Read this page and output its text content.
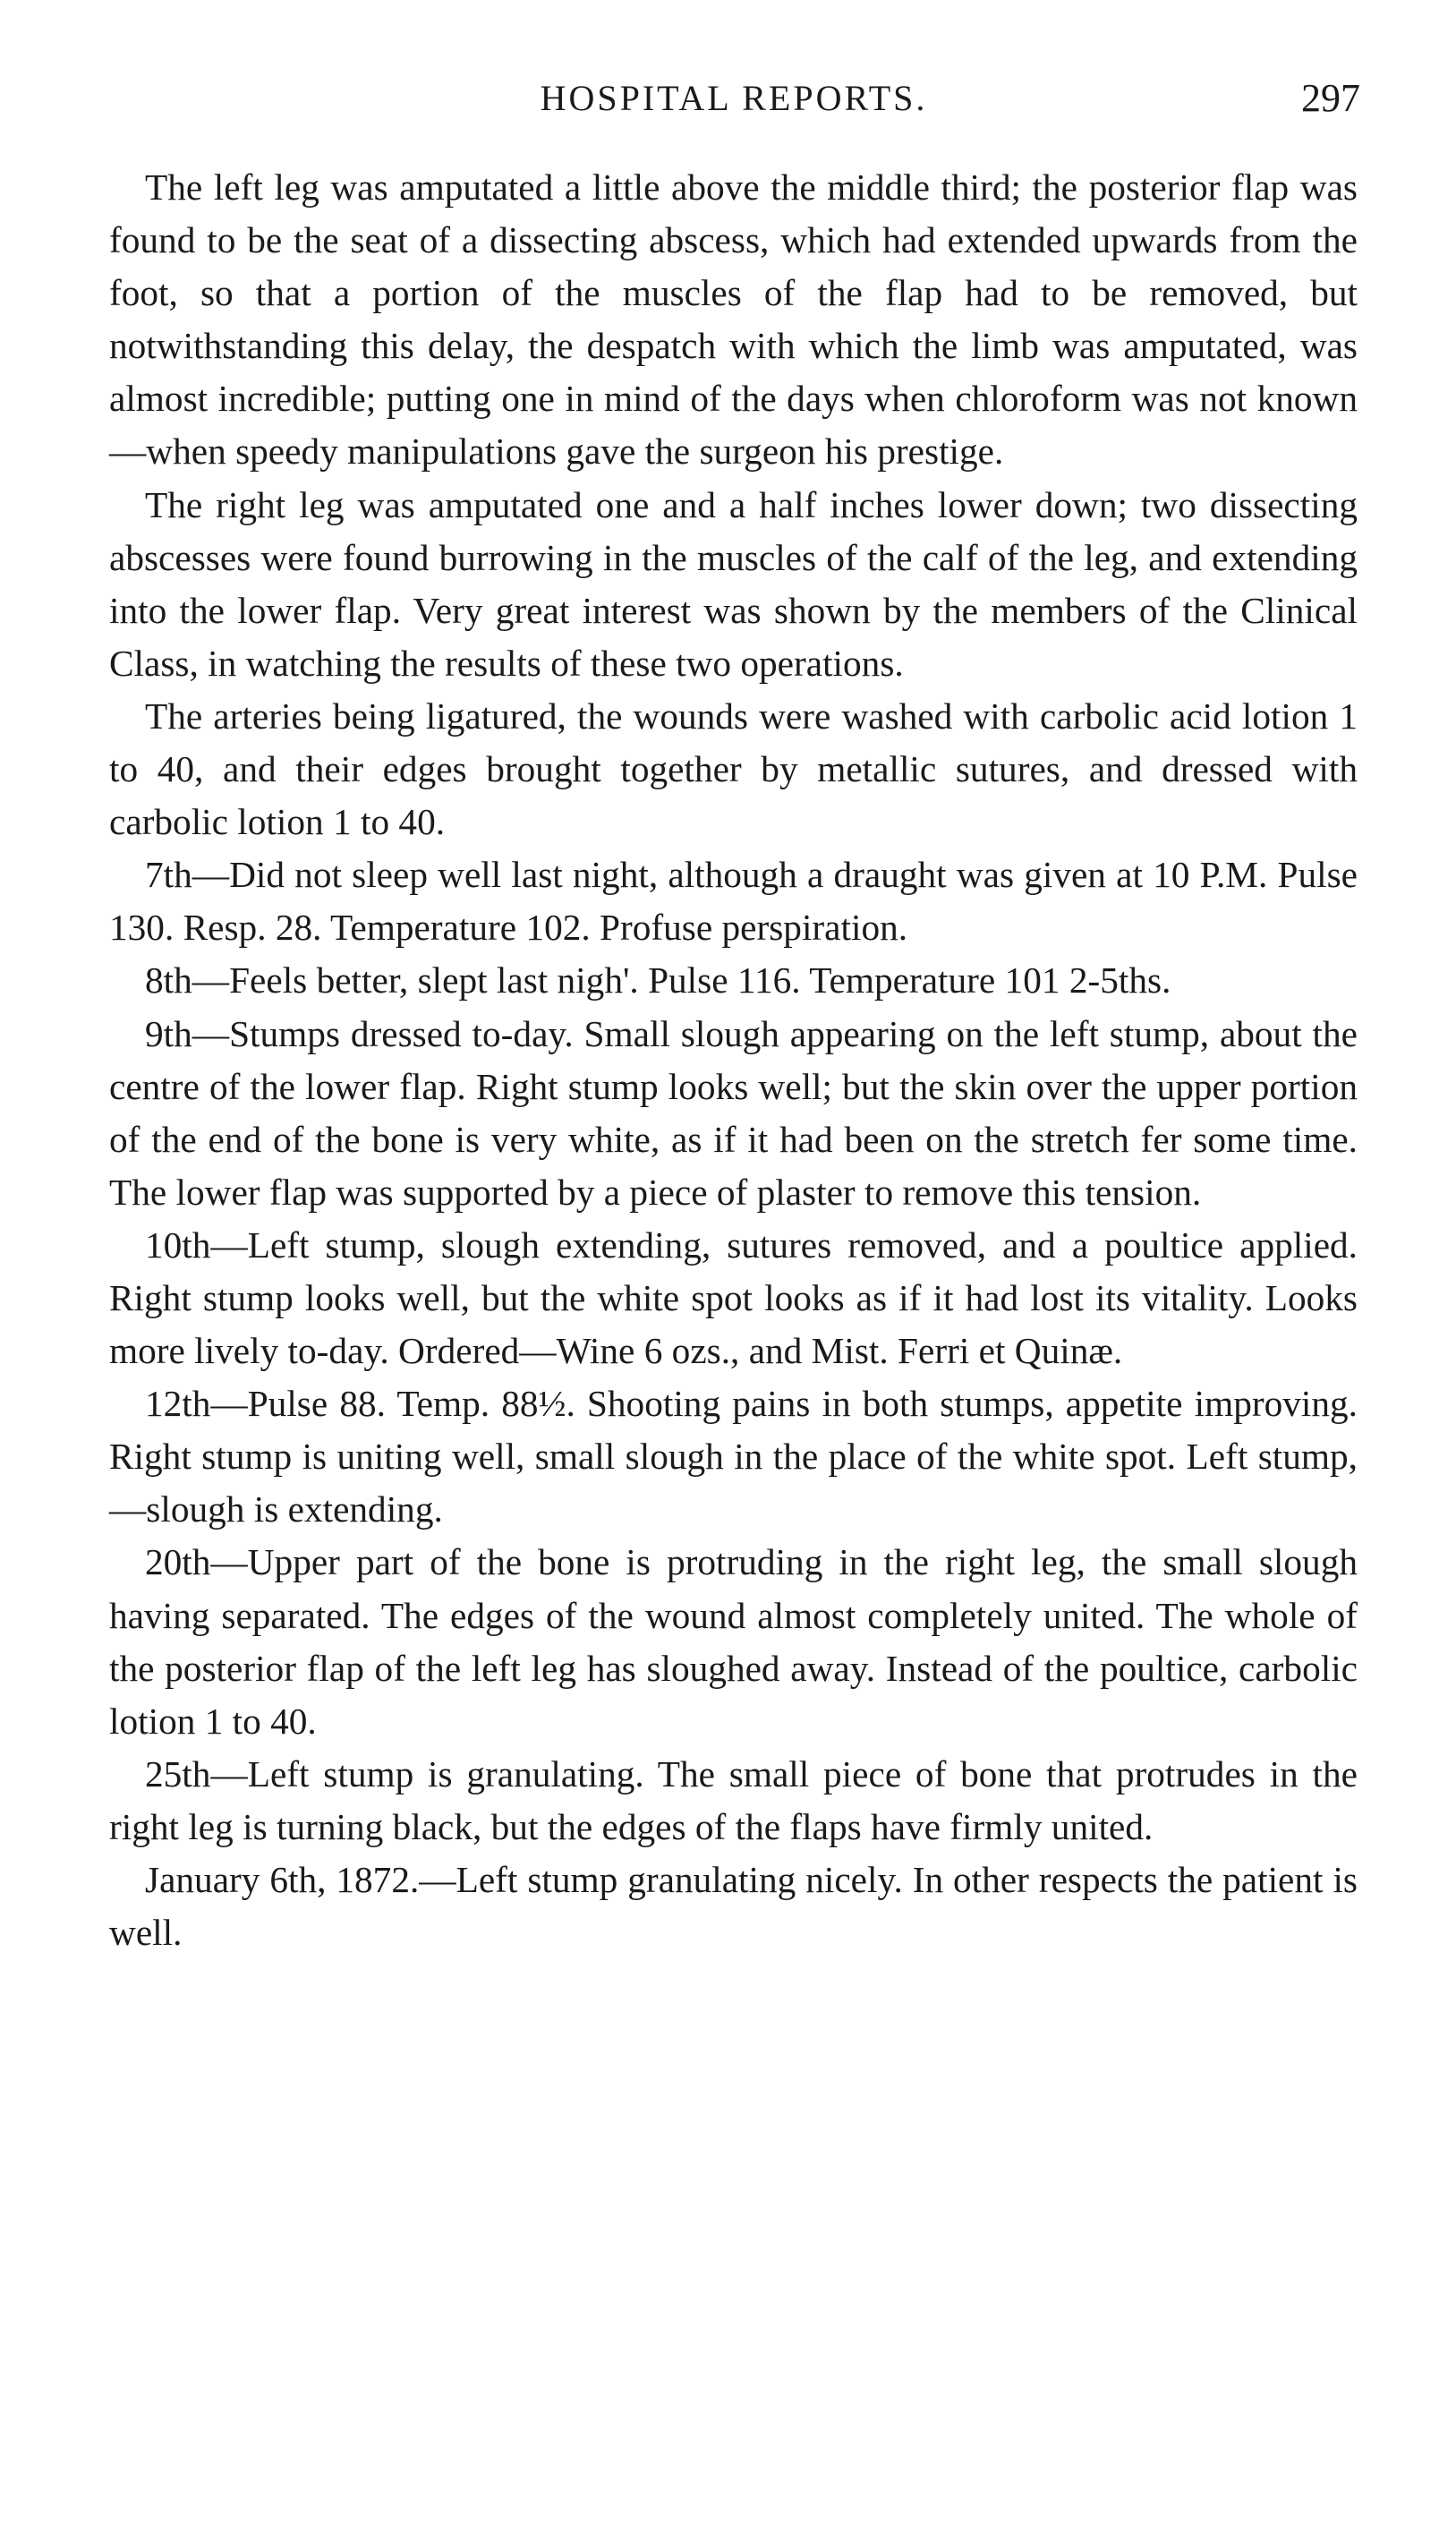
HOSPITAL REPORTS.	297

The left leg was amputated a little above the middle third; the posterior flap was found to be the seat of a dissecting abscess, which had extended upwards from the foot, so that a portion of the muscles of the flap had to be removed, but notwithstanding this delay, the despatch with which the limb was amputated, was almost incredible; putting one in mind of the days when chloroform was not known—when speedy manipulations gave the surgeon his prestige.

The right leg was amputated one and a half inches lower down; two dissecting abscesses were found burrowing in the muscles of the calf of the leg, and extending into the lower flap. Very great interest was shown by the members of the Clinical Class, in watching the results of these two operations.

The arteries being ligatured, the wounds were washed with carbolic acid lotion 1 to 40, and their edges brought together by metallic sutures, and dressed with carbolic lotion 1 to 40.

7th—Did not sleep well last night, although a draught was given at 10 P.M. Pulse 130. Resp. 28. Temperature 102. Profuse perspiration.

8th—Feels better, slept last nigh'. Pulse 116. Temperature 101 2-5ths.

9th—Stumps dressed to-day. Small slough appearing on the left stump, about the centre of the lower flap. Right stump looks well; but the skin over the upper portion of the end of the bone is very white, as if it had been on the stretch fer some time. The lower flap was supported by a piece of plaster to remove this tension.

10th—Left stump, slough extending, sutures removed, and a poultice applied. Right stump looks well, but the white spot looks as if it had lost its vitality. Looks more lively to-day. Ordered—Wine 6 ozs., and Mist. Ferri et Quinæ.

12th—Pulse 88. Temp. 88½. Shooting pains in both stumps, appetite improving. Right stump is uniting well, small slough in the place of the white spot. Left stump,—slough is extending.

20th—Upper part of the bone is protruding in the right leg, the small slough having separated. The edges of the wound almost completely united. The whole of the posterior flap of the left leg has sloughed away. Instead of the poultice, carbolic lotion 1 to 40.

25th—Left stump is granulating. The small piece of bone that protrudes in the right leg is turning black, but the edges of the flaps have firmly united.

January 6th, 1872.—Left stump granulating nicely. In other respects the patient is well.
